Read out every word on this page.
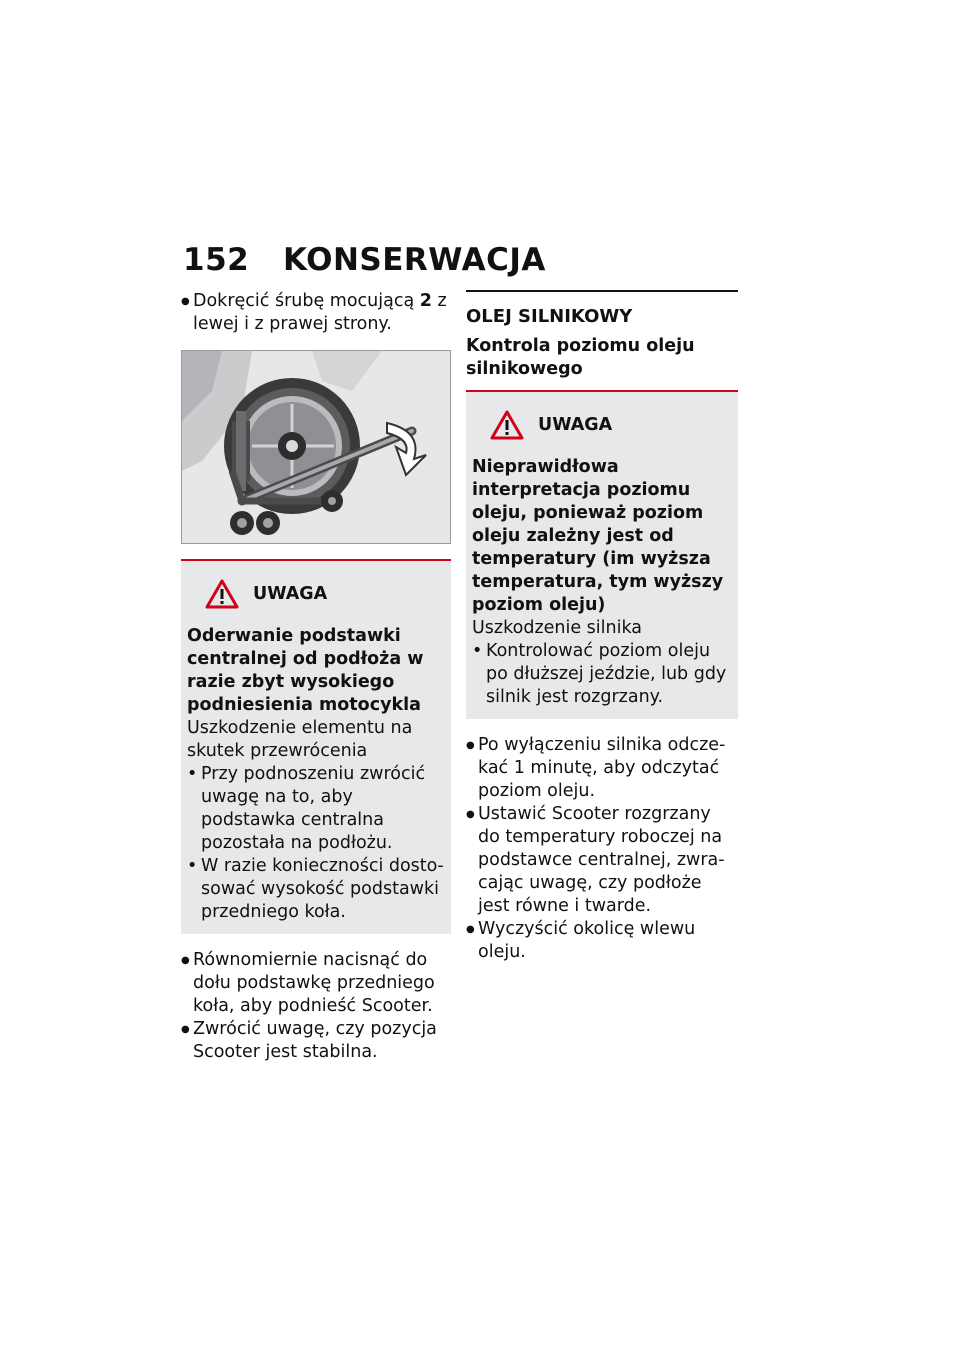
152 KONSERWACJA

● Dokręcić śrubę mocującą 2 z lewej i z prawej strony.

UWAGA

Oderwanie podstawki centralnej od podłoża w razie zbyt wysokiego podniesienia motocykla

Uszkodzenie elementu na skutek przewrócenia

• Przy podnoszeniu zwrócić uwagę na to, aby podstawka centralna pozostała na podłożu.

• W razie konieczności dostosować wysokość podstawki przedniego koła.

● Równomiernie nacisnąć do dołu podstawkę przedniego koła, aby podnieść Scooter.

● Zwrócić uwagę, czy pozycja Scooter jest stabilna.

OLEJ SILNIKOWY
Kontrola poziomu oleju silnikowego
UWAGA

Nieprawidłowa interpretacja poziomu oleju, ponieważ poziom oleju zależny jest od temperatury (im wyższa temperatura, tym wyższy poziom oleju)

Uszkodzenie silnika

• Kontrolować poziom oleju po dłuższej jeździe, lub gdy silnik jest rozgrzany.

● Po wyłączeniu silnika odczekać 1 minutę, aby odczytać poziom oleju.

● Ustawić Scooter rozgrzany do temperatury roboczej na podstawce centralnej, zwracając uwagę, czy podłoże jest równe i twarde.

● Wyczyścić okolicę wlewu oleju.
